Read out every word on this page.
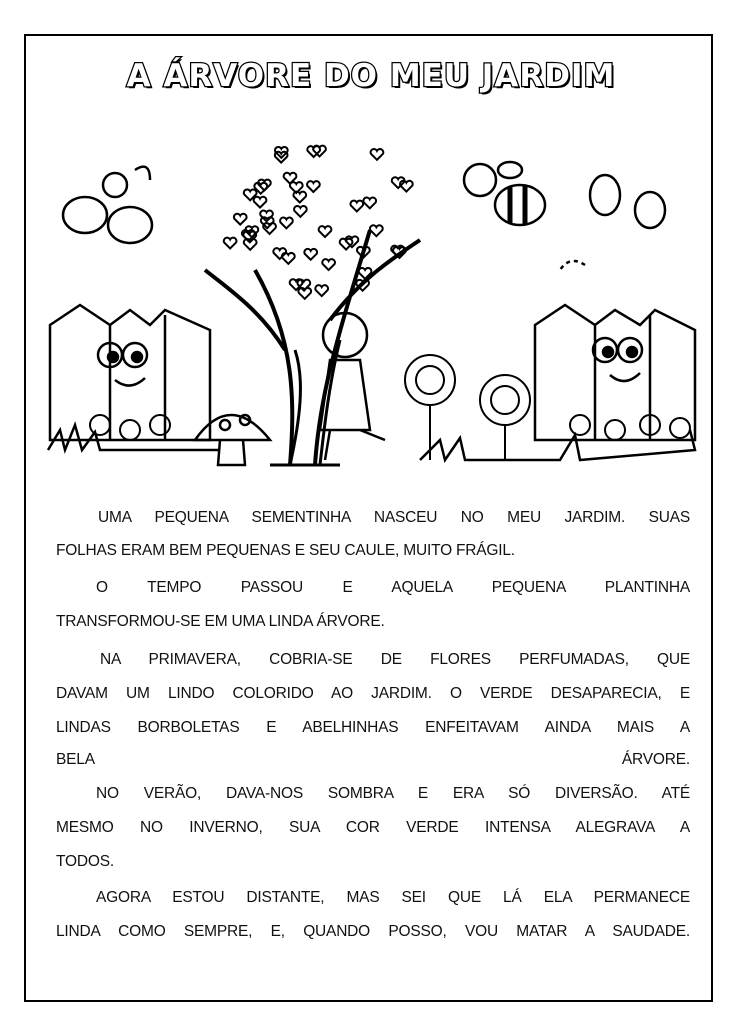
A ÁRVORE DO MEU JARDIM
UMA PEQUENA SEMENTINHA NASCEU NO MEU JARDIM. SUAS
FOLHAS ERAM BEM PEQUENAS E SEU CAULE, MUITO FRÁGIL.
O TEMPO PASSOU E AQUELA PEQUENA PLANTINHA
TRANSFORMOU-SE EM UMA LINDA ÁRVORE.
NA PRIMAVERA, COBRIA-SE DE FLORES PERFUMADAS, QUE
DAVAM UM LINDO COLORIDO AO JARDIM. O VERDE DESAPARECIA, E
LINDAS BORBOLETAS E ABELHINHAS ENFEITAVAM AINDA MAIS A
BELA ÁRVORE.
NO VERÃO, DAVA-NOS SOMBRA E ERA SÓ DIVERSÃO. ATÉ
MESMO NO INVERNO, SUA COR VERDE INTENSA ALEGRAVA A
TODOS.
AGORA ESTOU DISTANTE, MAS SEI QUE LÁ ELA PERMANECE
LINDA COMO SEMPRE, E, QUANDO POSSO, VOU MATAR A SAUDADE.
